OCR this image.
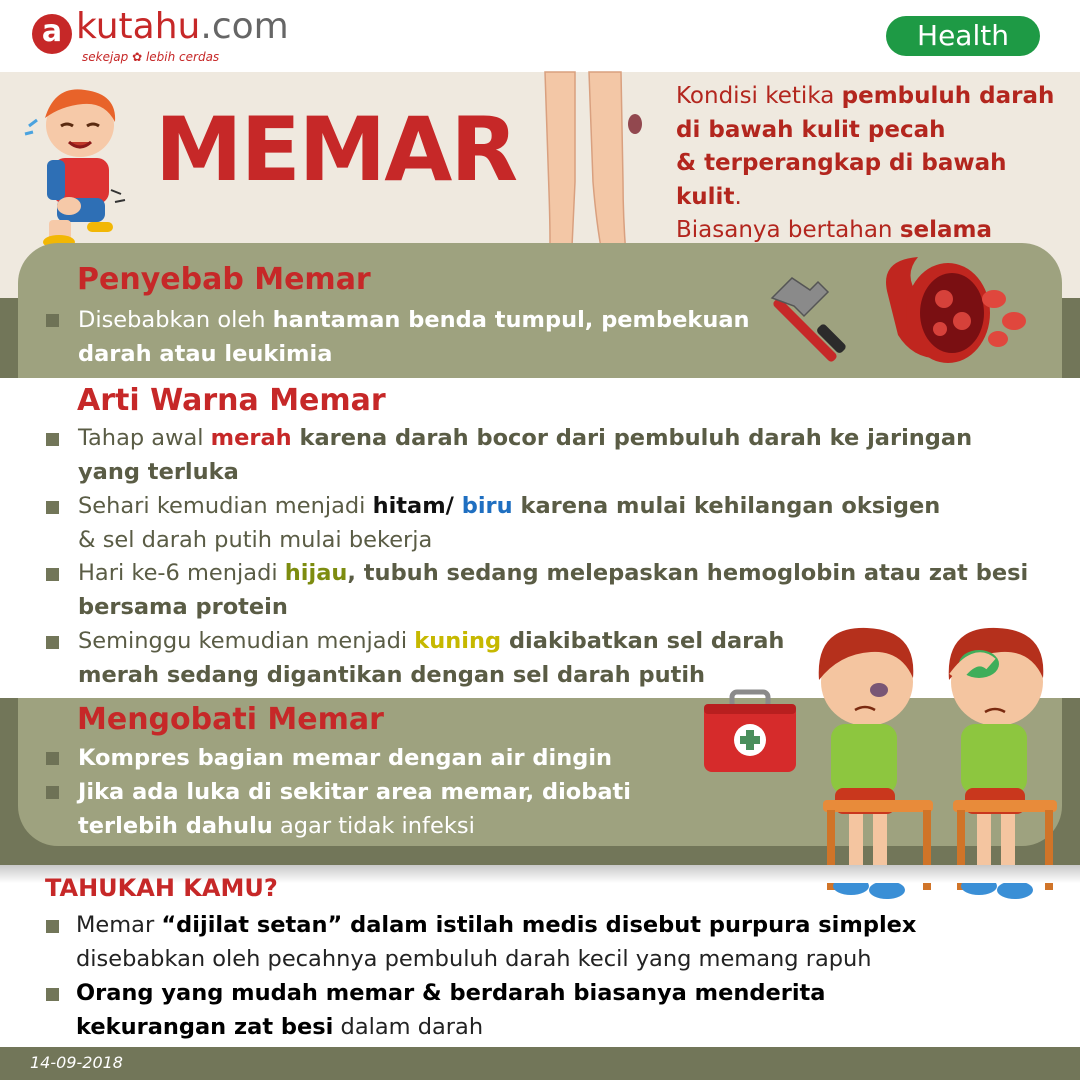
a kutahu.com
sekejap ✿ lebih cerdas
Health
MEMAR
Kondisi ketika pembuluh darah
di bawah kulit pecah
& terperangkap di bawah kulit.
Biasanya bertahan selama
Penyebab Memar
Disebabkan oleh hantaman benda tumpul, pembekuan
darah atau leukimia
Arti Warna Memar
Tahap awal merah karena darah bocor dari pembuluh darah ke jaringan
yang terluka
Sehari kemudian menjadi hitam/ biru karena mulai kehilangan oksigen
& sel darah putih mulai bekerja
Hari ke-6 menjadi hijau, tubuh sedang melepaskan hemoglobin atau zat besi
bersama protein
Seminggu kemudian menjadi kuning diakibatkan sel darah
merah sedang digantikan dengan sel darah putih
Mengobati Memar
Kompres bagian memar dengan air dingin
Jika ada luka di sekitar area memar, diobati
terlebih dahulu agar tidak infeksi
TAHUKAH KAMU?
Memar “dijilat setan” dalam istilah medis disebut purpura simplex
disebabkan oleh pecahnya pembuluh darah kecil yang memang rapuh
Orang yang mudah memar & berdarah biasanya menderita
kekurangan zat besi dalam darah
14-09-2018
